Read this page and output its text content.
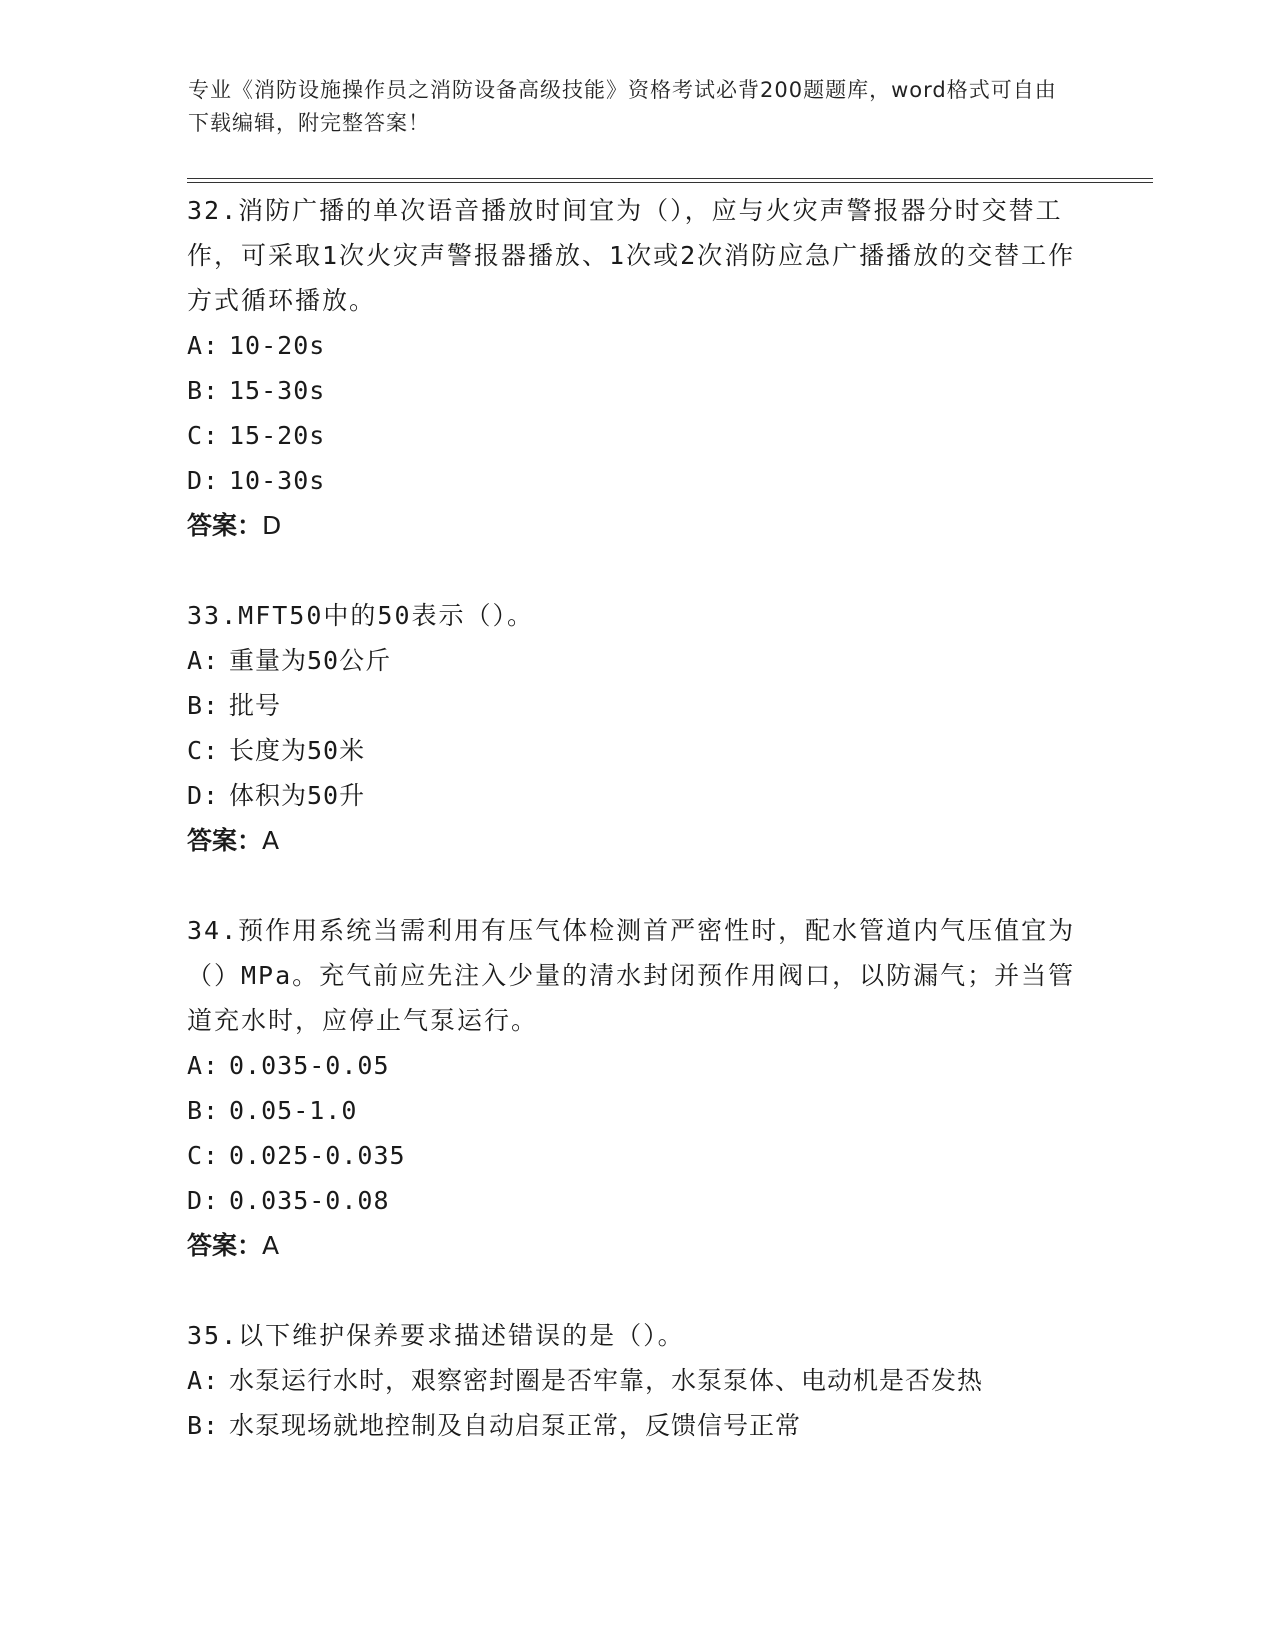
专业《消防设施操作员之消防设备高级技能》资格考试必背200题题库，word格式可自由下载编辑，附完整答案！

32.消防广播的单次语音播放时间宜为（），应与火灾声警报器分时交替工作，可采取1次火灾声警报器播放、1次或2次消防应急广播播放的交替工作方式循环播放。

A: 10-20s

B: 15-30s

C: 15-20s

D: 10-30s

答案：D

33.MFT50中的50表示（）。

A: 重量为50公斤

B: 批号

C: 长度为50米

D: 体积为50升

答案：A

34.预作用系统当需利用有压气体检测首严密性时，配水管道内气压值宜为（）MPa。充气前应先注入少量的清水封闭预作用阀口，以防漏气；并当管道充水时，应停止气泵运行。

A: 0.035-0.05

B: 0.05-1.0

C: 0.025-0.035

D: 0.035-0.08

答案：A

35.以下维护保养要求描述错误的是（）。

A: 水泵运行水时，艰察密封圈是否牢靠，水泵泵体、电动机是否发热

B: 水泵现场就地控制及自动启泵正常，反馈信号正常
